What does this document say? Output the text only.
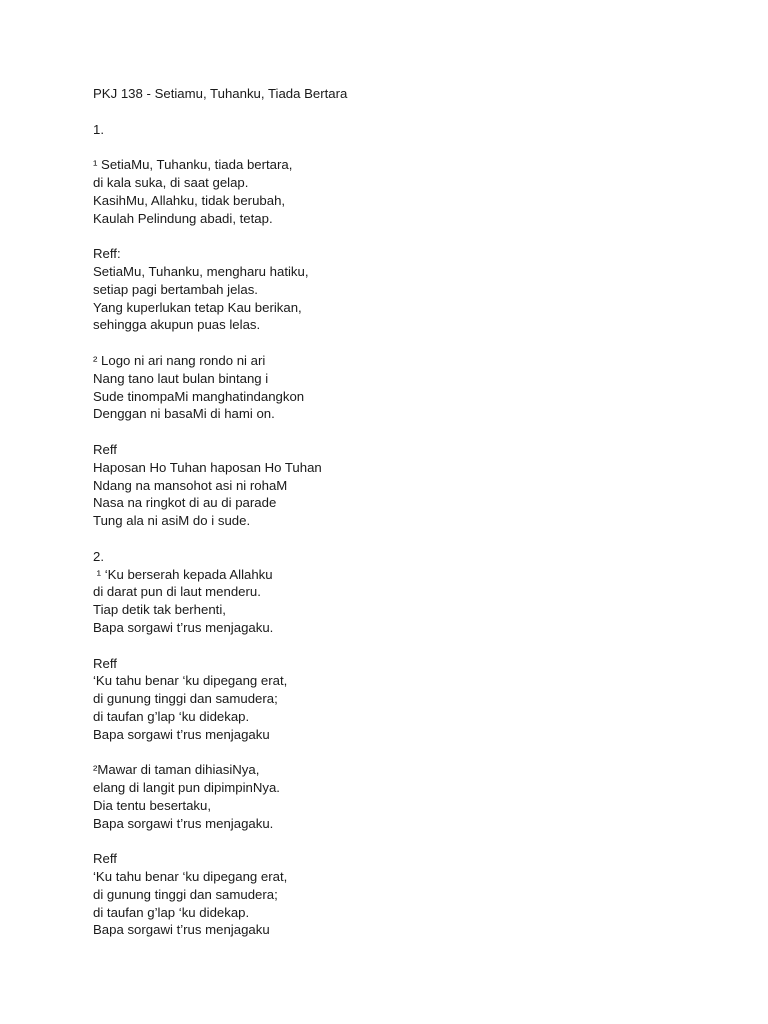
PKJ 138 - Setiamu, Tuhanku, Tiada Bertara
1.
¹ SetiaMu, Tuhanku, tiada bertara,
di kala suka, di saat gelap.
KasihMu, Allahku, tidak berubah,
Kaulah Pelindung abadi, tetap.
Reff:
SetiaMu, Tuhanku, mengharu hatiku,
setiap pagi bertambah jelas.
Yang kuperlukan tetap Kau berikan,
sehingga akupun puas lelas.
² Logo ni ari nang rondo ni ari
Nang tano laut bulan bintang i
Sude tinompaMi manghatindangkon
Denggan ni basaMi di hami on.
Reff
Haposan Ho Tuhan haposan Ho Tuhan
Ndang na mansohot asi ni rohaM
Nasa na ringkot di au di parade
Tung ala ni asiM do i sude.
2.
¹ ‘Ku berserah kepada Allahku
di darat pun di laut menderu.
Tiap detik tak berhenti,
Bapa sorgawi t’rus menjagaku.
Reff
‘Ku tahu benar ‘ku dipegang erat,
di gunung tinggi dan samudera;
di taufan g’lap ‘ku didekap.
Bapa sorgawi t’rus menjagaku
²Mawar di taman dihiasiNya,
elang di langit pun dipimpinNya.
Dia tentu besertaku,
Bapa sorgawi t’rus menjagaku.
Reff
‘Ku tahu benar ‘ku dipegang erat,
di gunung tinggi dan samudera;
di taufan g’lap ‘ku didekap.
Bapa sorgawi t’rus menjagaku
